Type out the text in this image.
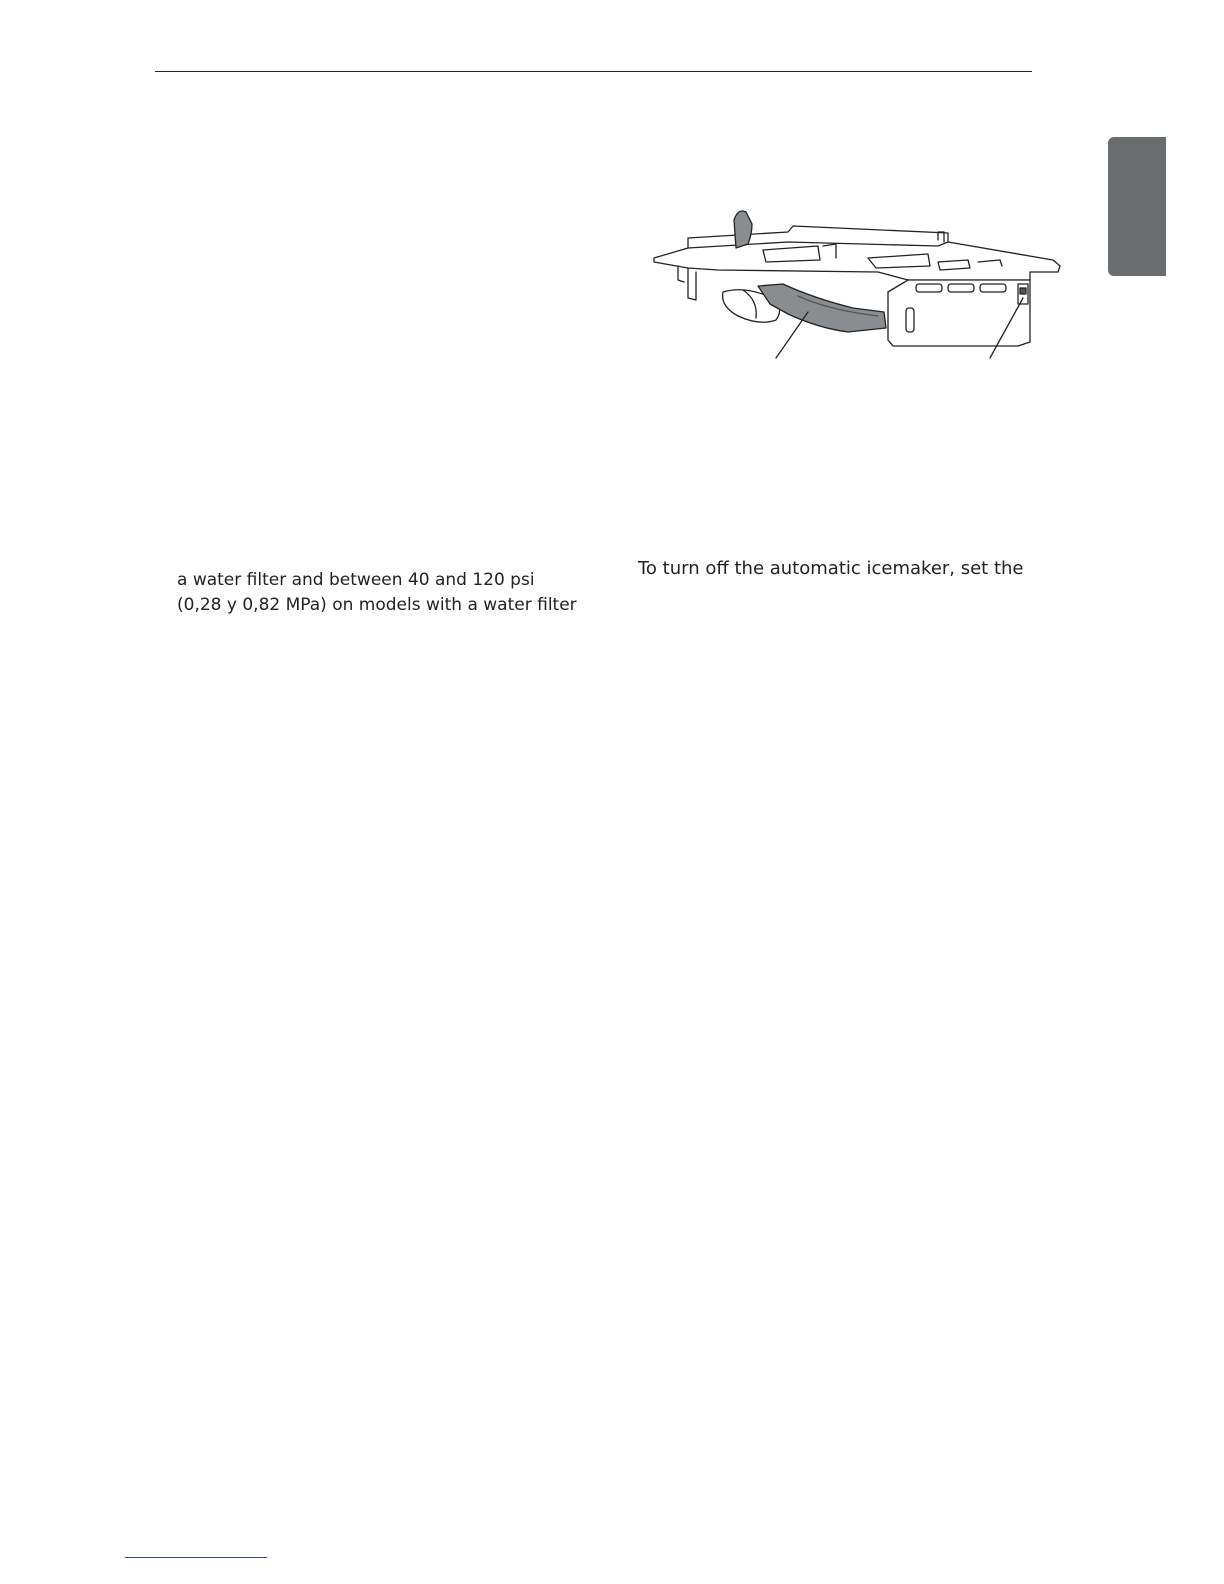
a water filter and between 40 and 120 psi
(0,28 y 0,82 MPa) on models with a water filter
To turn off the automatic icemaker, set the
